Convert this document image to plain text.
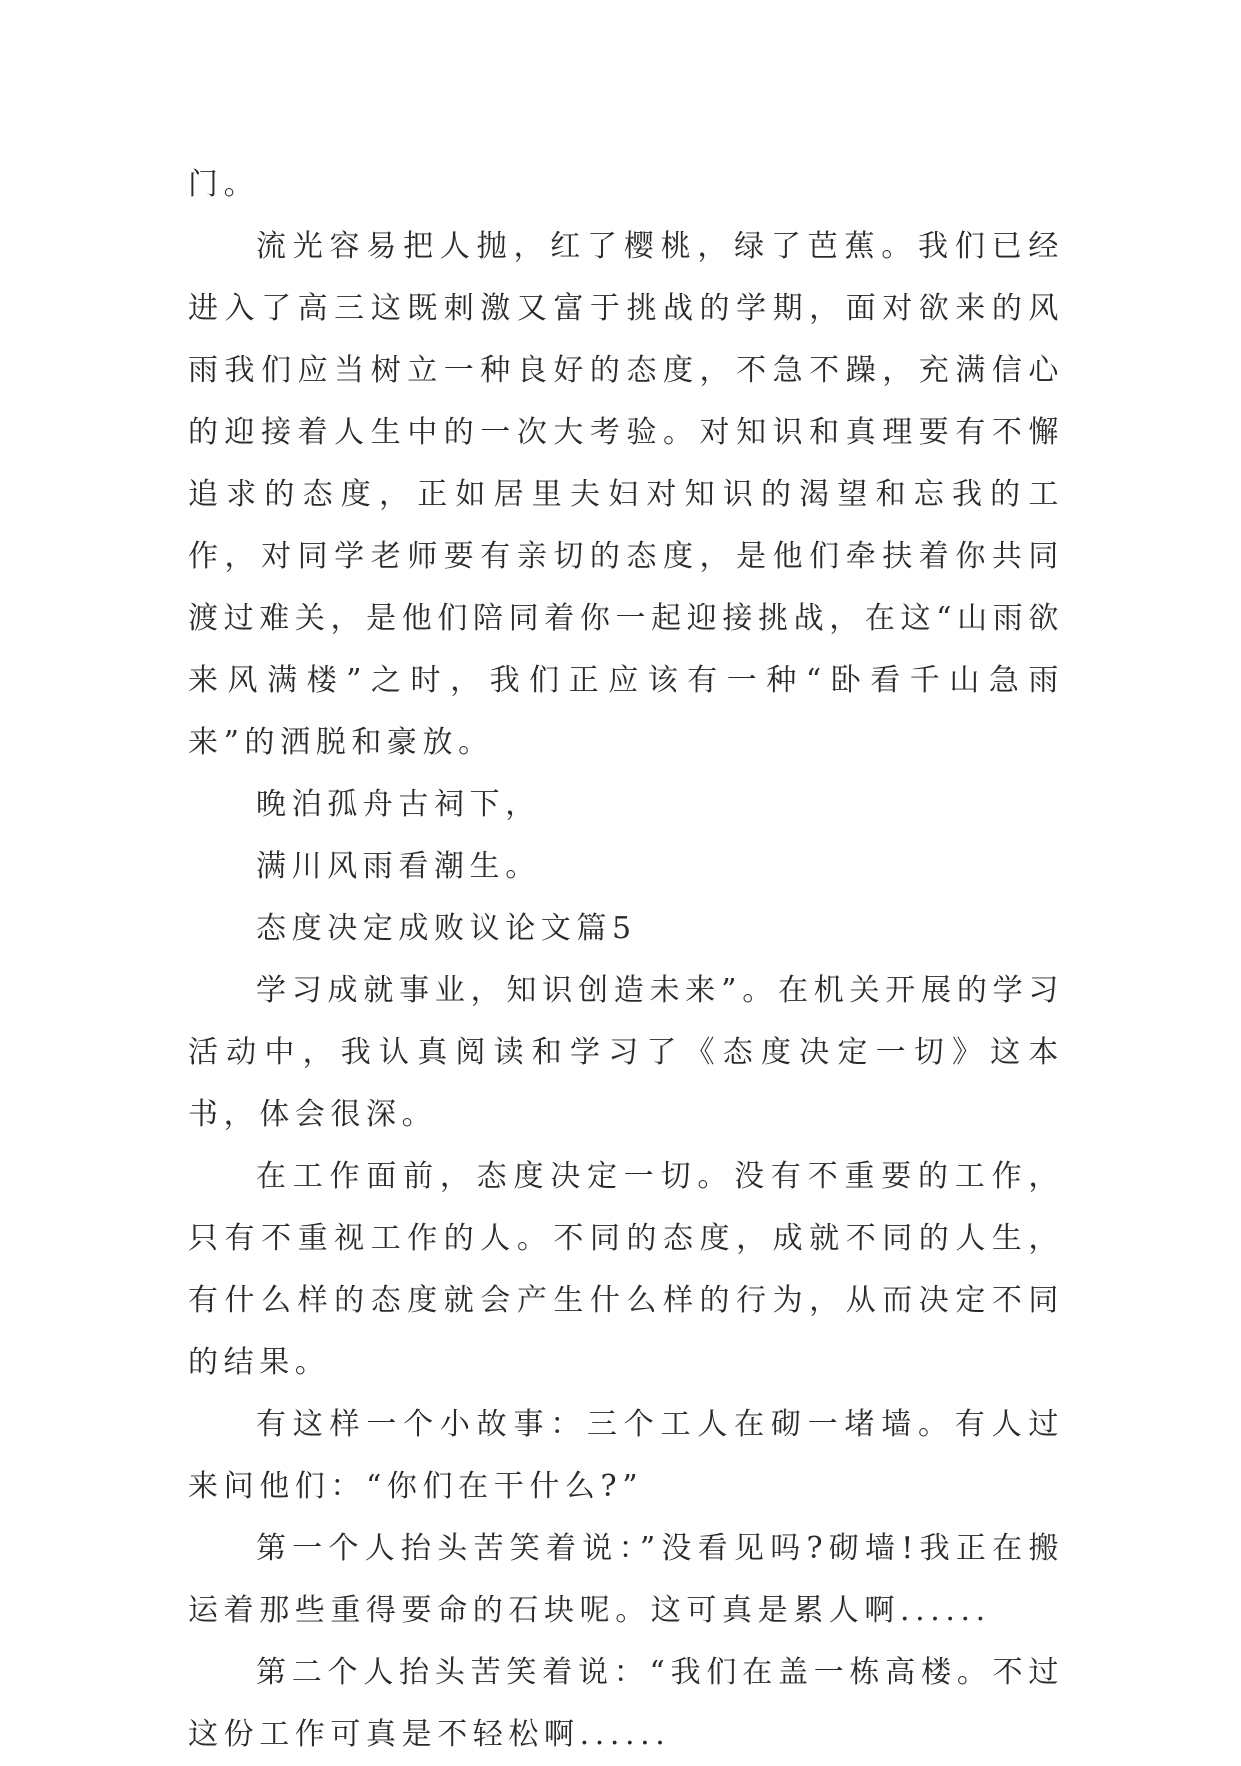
门。

流光容易把人抛，红了樱桃，绿了芭蕉。我们已经进入了高三这既刺激又富于挑战的学期，面对欲来的风雨我们应当树立一种良好的态度，不急不躁，充满信心的迎接着人生中的一次大考验。对知识和真理要有不懈追求的态度，正如居里夫妇对知识的渴望和忘我的工作，对同学老师要有亲切的态度，是他们牵扶着你共同渡过难关，是他们陪同着你一起迎接挑战，在这“山雨欲来风满楼”之时，我们正应该有一种“卧看千山急雨来”的洒脱和豪放。

晚泊孤舟古祠下，

满川风雨看潮生。

态度决定成败议论文篇5

学习成就事业，知识创造未来”。在机关开展的学习活动中，我认真阅读和学习了《态度决定一切》这本书，体会很深。

在工作面前，态度决定一切。没有不重要的工作，只有不重视工作的人。不同的态度，成就不同的人生，有什么样的态度就会产生什么样的行为，从而决定不同的结果。

有这样一个小故事：三个工人在砌一堵墙。有人过来问他们：“你们在干什么?”

第一个人抬头苦笑着说：”没看见吗?砌墙!我正在搬运着那些重得要命的石块呢。这可真是累人啊......

第二个人抬头苦笑着说：“我们在盖一栋高楼。不过这份工作可真是不轻松啊......
